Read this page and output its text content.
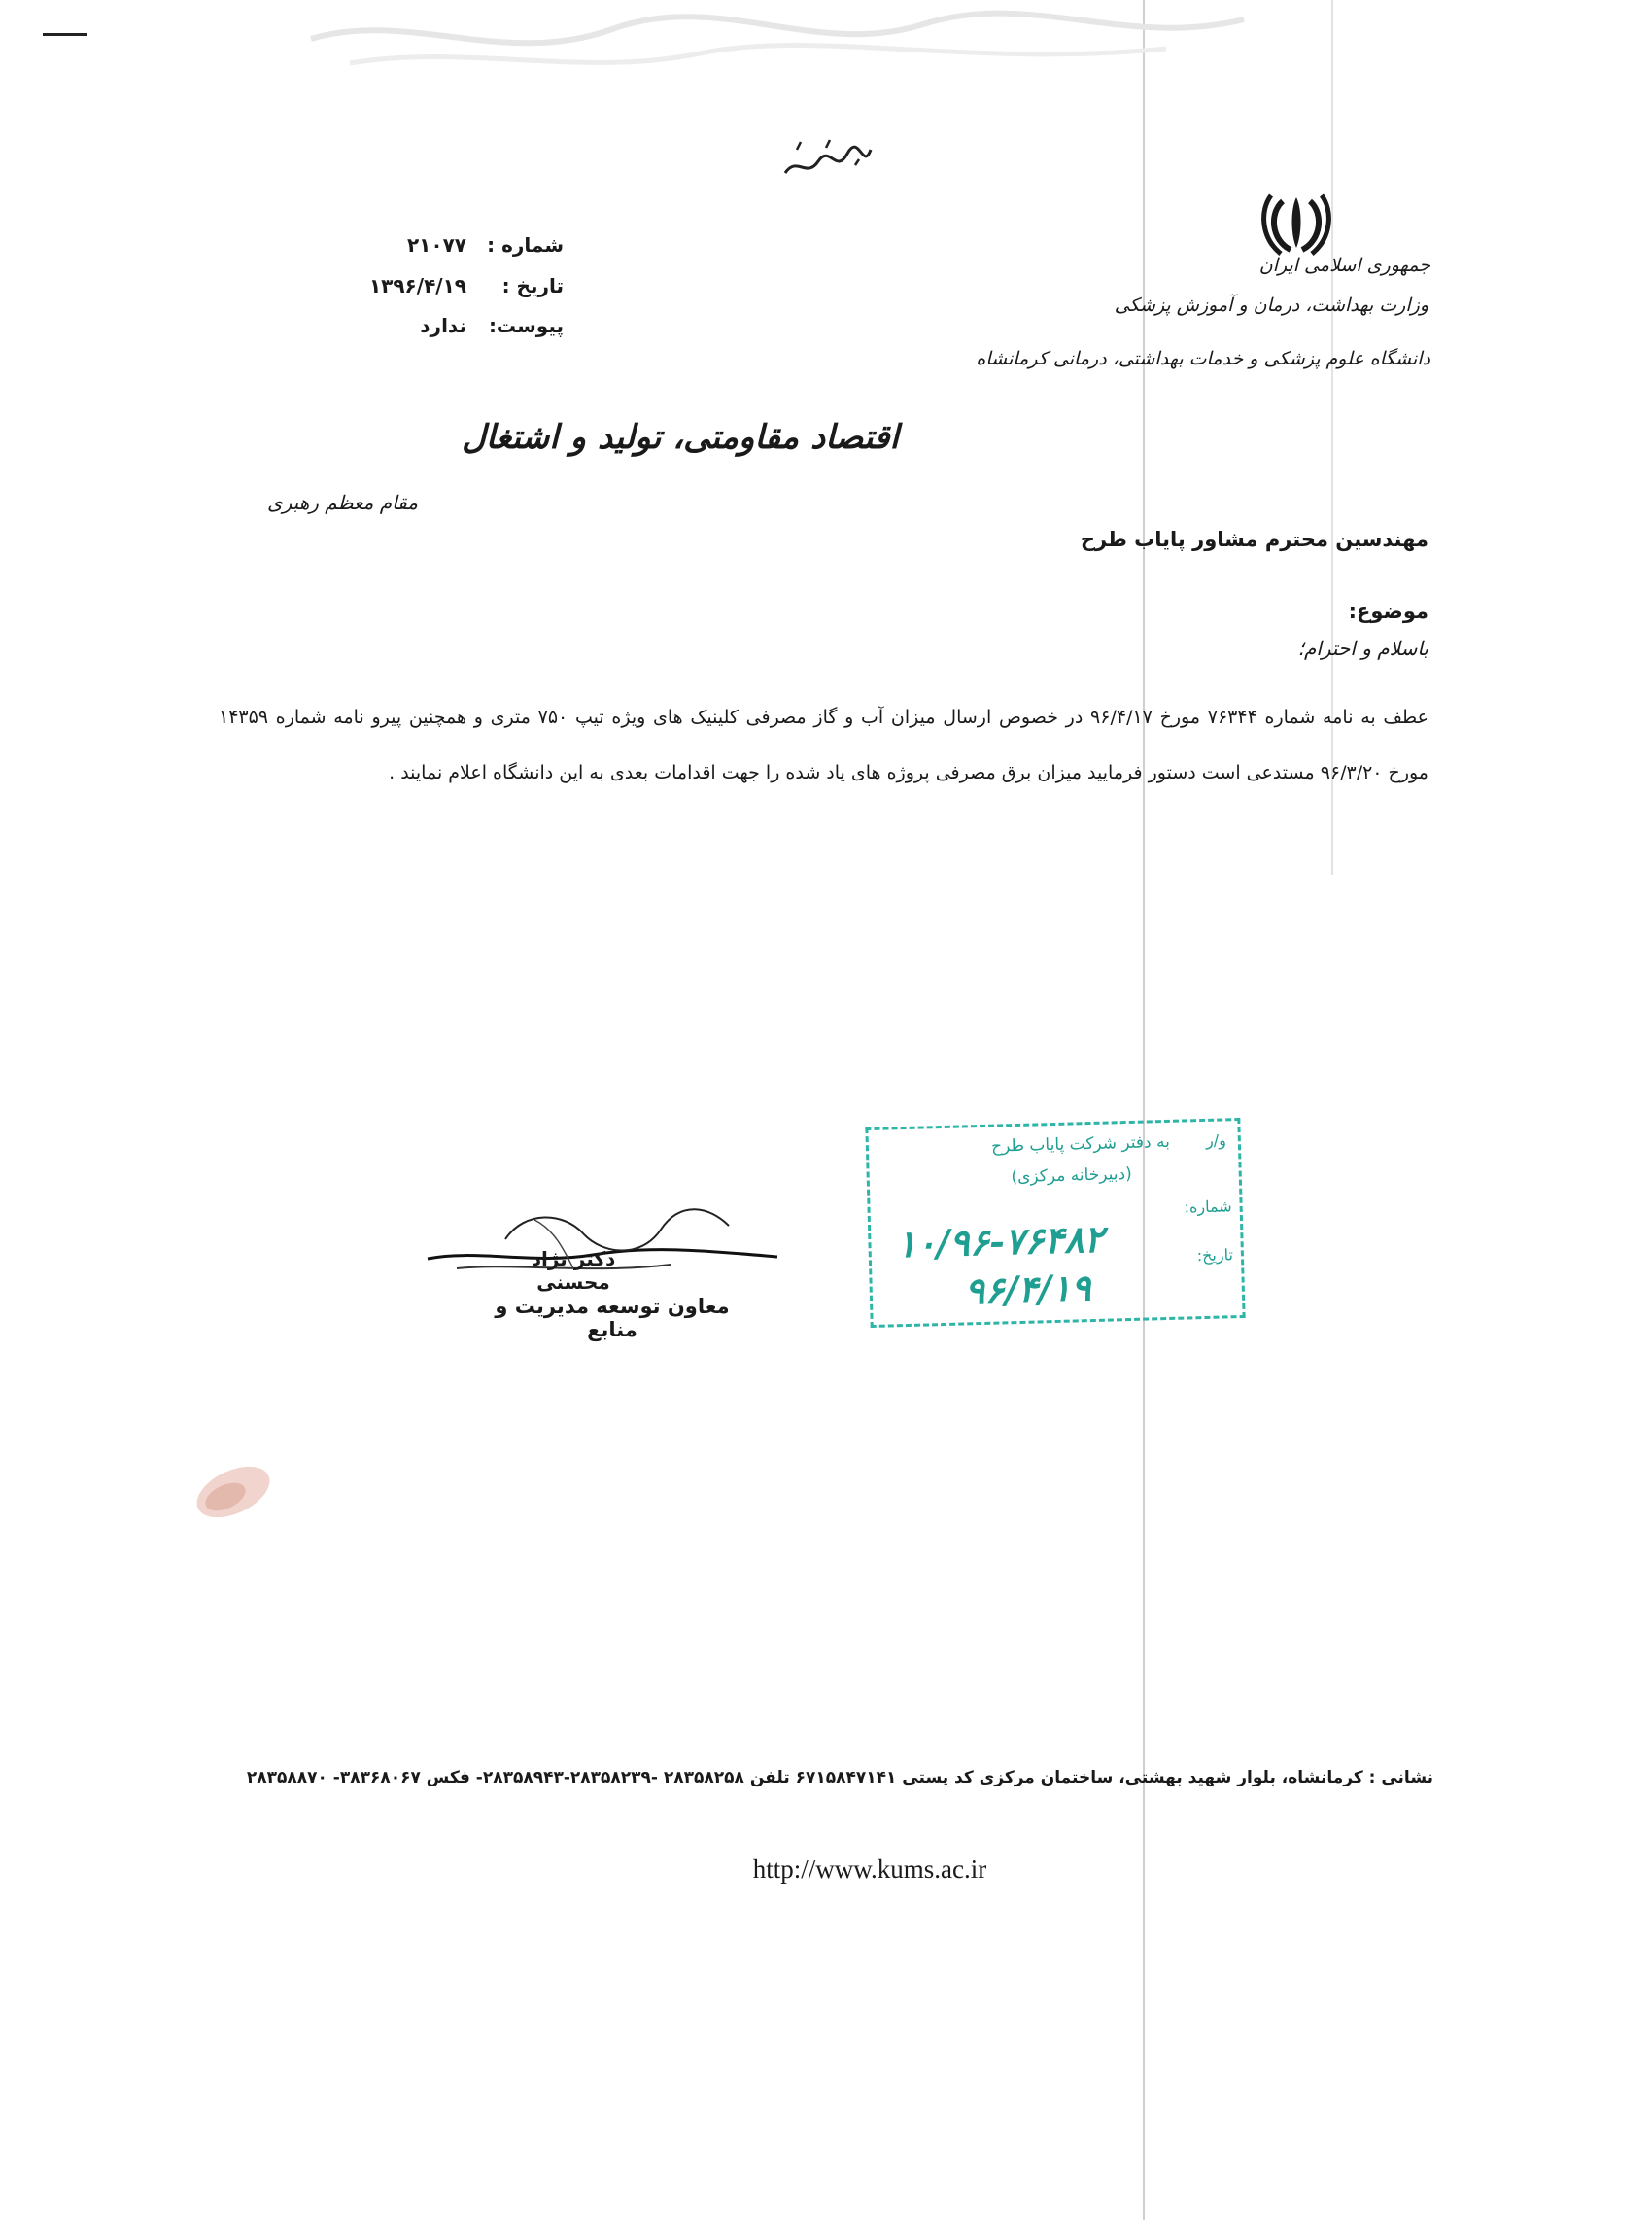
بسمه تعالی
جمهوری اسلامی ایران
وزارت بهداشت، درمان و آموزش پزشکی
دانشگاه علوم پزشکی و خدمات بهداشتی، درمانی کرمانشاه
شماره :
۲۱۰۷۷
تاریخ :
۱۳۹۶/۴/۱۹
پیوست:
ندارد
اقتصاد مقاومتی، تولید و اشتغال
مقام معظم رهبری
مهندسین محترم مشاور پایاب طرح
موضوع:
باسلام و احترام؛
عطف به نامه شماره ۷۶۳۴۴ مورخ ۹۶/۴/۱۷ در خصوص ارسال میزان آب و گاز مصرفی کلینیک های ویژه تیپ ۷۵۰ متری و همچنین پیرو نامه شماره ۱۴۳۵۹ مورخ ۹۶/۳/۲۰ مستدعی است دستور فرمایید میزان برق مصرفی پروژه های یاد شده را جهت اقدامات بعدی به این دانشگاه اعلام نمایند .
و/ر
به دفتر شرکت پایاب طرح
(دبیرخانه مرکزی)
شماره:
تاریخ:
۱۰/۹۶-۷۶۴۸۲
۹۶/۴/۱۹
دکتر نژاد محسنی
معاون توسعه مدیریت و منابع
نشانی : کرمانشاه، بلوار شهید بهشتی، ساختمان مرکزی کد پستی ۶۷۱۵۸۴۷۱۴۱ تلفن ۲۸۳۵۸۲۵۸ -۲۸۳۵۸۲۳۹-۲۸۳۵۸۹۴۳- فکس ۳۸۳۶۸۰۶۷- ۲۸۳۵۸۸۷۰
http://www.kums.ac.ir
